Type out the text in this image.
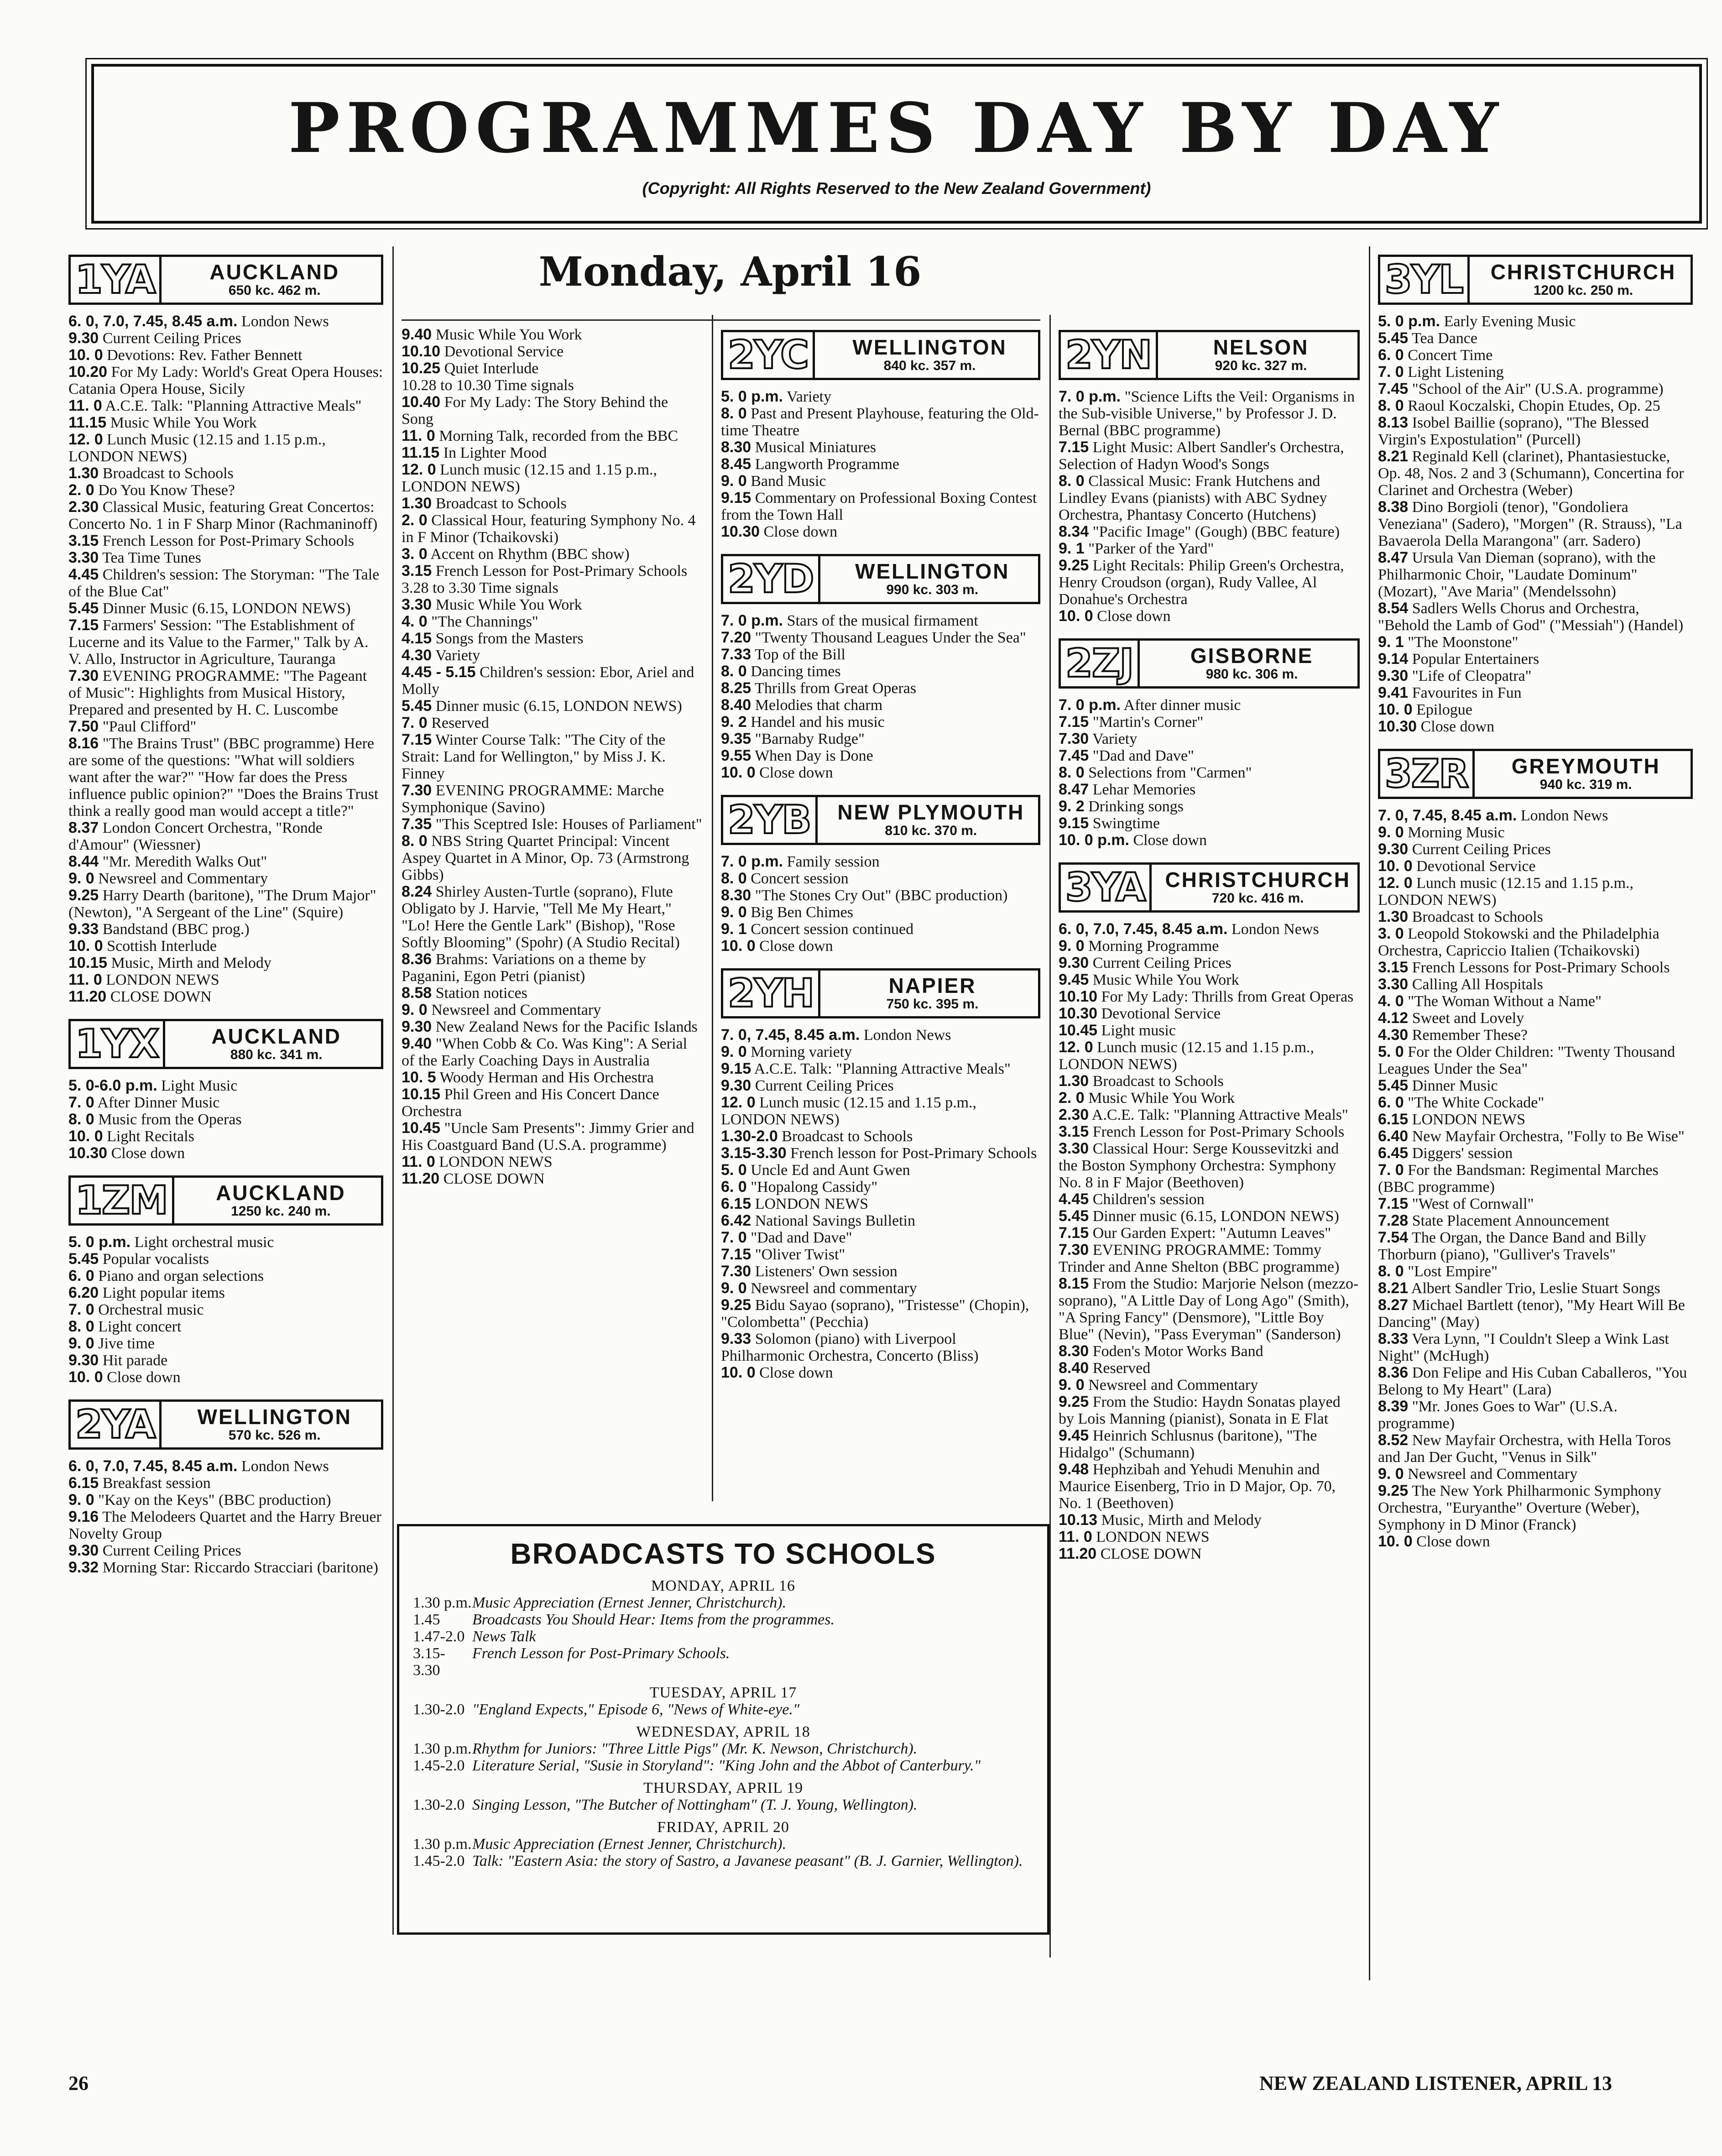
PROGRAMMES DAY BY DAY
(Copyright: All Rights Reserved to the New Zealand Government)
Monday, April 16
1YA	AUCKLAND
650 kc. 462 m.

6. 0, 7.0, 7.45, 8.45 a.m. London News

9.30 Current Ceiling Prices

10. 0 Devotions: Rev. Father Bennett

10.20 For My Lady: World's Great Opera Houses: Catania Opera House, Sicily

11. 0 A.C.E. Talk: "Planning Attractive Meals"

11.15 Music While You Work

12. 0 Lunch Music (12.15 and 1.15 p.m., LONDON NEWS)

1.30 Broadcast to Schools

2. 0 Do You Know These?

2.30 Classical Music, featuring Great Concertos: Concerto No. 1 in F Sharp Minor (Rachmaninoff)

3.15 French Lesson for Post-Primary Schools

3.30 Tea Time Tunes

4.45 Children's session: The Storyman: "The Tale of the Blue Cat"

5.45 Dinner Music (6.15, LONDON NEWS)

7.15 Farmers' Session: "The Establishment of Lucerne and its Value to the Farmer," Talk by A. V. Allo, Instructor in Agriculture, Tauranga

7.30 EVENING PROGRAMME: "The Pageant of Music": Highlights from Musical History, Prepared and presented by H. C. Luscombe

7.50 "Paul Clifford"

8.16 "The Brains Trust" (BBC programme) Here are some of the questions: "What will soldiers want after the war?" "How far does the Press influence public opinion?" "Does the Brains Trust think a really good man would accept a title?"

8.37 London Concert Orchestra, "Ronde d'Amour" (Wiessner)

8.44 "Mr. Meredith Walks Out"

9. 0 Newsreel and Commentary

9.25 Harry Dearth (baritone), "The Drum Major" (Newton), "A Sergeant of the Line" (Squire)

9.33 Bandstand (BBC prog.)

10. 0 Scottish Interlude

10.15 Music, Mirth and Melody

11. 0 LONDON NEWS

11.20 CLOSE DOWN

1YX	AUCKLAND
880 kc. 341 m.

5. 0-6.0 p.m. Light Music

7. 0 After Dinner Music

8. 0 Music from the Operas

10. 0 Light Recitals

10.30 Close down

1ZM	AUCKLAND
1250 kc. 240 m.

5. 0 p.m. Light orchestral music

5.45 Popular vocalists

6. 0 Piano and organ selections

6.20 Light popular items

7. 0 Orchestral music

8. 0 Light concert

9. 0 Jive time

9.30 Hit parade

10. 0 Close down

2YA	WELLINGTON
570 kc. 526 m.

6. 0, 7.0, 7.45, 8.45 a.m. London News

6.15 Breakfast session

9. 0 "Kay on the Keys" (BBC production)

9.16 The Melodeers Quartet and the Harry Breuer Novelty Group

9.30 Current Ceiling Prices

9.32 Morning Star: Riccardo Stracciari (baritone)

9.40 Music While You Work

10.10 Devotional Service

10.25 Quiet Interlude

10.28 to 10.30 Time signals

10.40 For My Lady: The Story Behind the Song

11. 0 Morning Talk, recorded from the BBC

11.15 In Lighter Mood

12. 0 Lunch music (12.15 and 1.15 p.m., LONDON NEWS)

1.30 Broadcast to Schools

2. 0 Classical Hour, featuring Symphony No. 4 in F Minor (Tchaikovski)

3. 0 Accent on Rhythm (BBC show)

3.15 French Lesson for Post-Primary Schools

3.28 to 3.30 Time signals

3.30 Music While You Work

4. 0 "The Channings"

4.15 Songs from the Masters

4.30 Variety

4.45 - 5.15 Children's session: Ebor, Ariel and Molly

5.45 Dinner music (6.15, LONDON NEWS)

7. 0 Reserved

7.15 Winter Course Talk: "The City of the Strait: Land for Wellington," by Miss J. K. Finney

7.30 EVENING PROGRAMME: Marche Symphonique (Savino)

7.35 "This Sceptred Isle: Houses of Parliament"

8. 0 NBS String Quartet Principal: Vincent Aspey Quartet in A Minor, Op. 73 (Armstrong Gibbs)

8.24 Shirley Austen-Turtle (soprano), Flute Obligato by J. Harvie, "Tell Me My Heart," "Lo! Here the Gentle Lark" (Bishop), "Rose Softly Blooming" (Spohr) (A Studio Recital)

8.36 Brahms: Variations on a theme by Paganini, Egon Petri (pianist)

8.58 Station notices

9. 0 Newsreel and Commentary

9.30 New Zealand News for the Pacific Islands

9.40 "When Cobb & Co. Was King": A Serial of the Early Coaching Days in Australia

10. 5 Woody Herman and His Orchestra

10.15 Phil Green and His Concert Dance Orchestra

10.45 "Uncle Sam Presents": Jimmy Grier and His Coastguard Band (U.S.A. programme)

11. 0 LONDON NEWS

11.20 CLOSE DOWN

2YC	WELLINGTON
840 kc. 357 m.

5. 0 p.m. Variety

8. 0 Past and Present Playhouse, featuring the Old-time Theatre

8.30 Musical Miniatures

8.45 Langworth Programme

9. 0 Band Music

9.15 Commentary on Professional Boxing Contest from the Town Hall

10.30 Close down

2YD	WELLINGTON
990 kc. 303 m.

7. 0 p.m. Stars of the musical firmament

7.20 "Twenty Thousand Leagues Under the Sea"

7.33 Top of the Bill

8. 0 Dancing times

8.25 Thrills from Great Operas

8.40 Melodies that charm

9. 2 Handel and his music

9.35 "Barnaby Rudge"

9.55 When Day is Done

10. 0 Close down

2YB	NEW PLYMOUTH
810 kc. 370 m.

7. 0 p.m. Family session

8. 0 Concert session

8.30 "The Stones Cry Out" (BBC production)

9. 0 Big Ben Chimes

9. 1 Concert session continued

10. 0 Close down

2YH	NAPIER
750 kc. 395 m.

7. 0, 7.45, 8.45 a.m. London News

9. 0 Morning variety

9.15 A.C.E. Talk: "Planning Attractive Meals"

9.30 Current Ceiling Prices

12. 0 Lunch music (12.15 and 1.15 p.m., LONDON NEWS)

1.30-2.0 Broadcast to Schools

3.15-3.30 French lesson for Post-Primary Schools

5. 0 Uncle Ed and Aunt Gwen

6. 0 "Hopalong Cassidy"

6.15 LONDON NEWS

6.42 National Savings Bulletin

7. 0 "Dad and Dave"

7.15 "Oliver Twist"

7.30 Listeners' Own session

9. 0 Newsreel and commentary

9.25 Bidu Sayao (soprano), "Tristesse" (Chopin), "Colombetta" (Pecchia)

9.33 Solomon (piano) with Liverpool Philharmonic Orchestra, Concerto (Bliss)

10. 0 Close down

2YN	NELSON
920 kc. 327 m.

7. 0 p.m. "Science Lifts the Veil: Organisms in the Sub-visible Universe," by Professor J. D. Bernal (BBC programme)

7.15 Light Music: Albert Sandler's Orchestra, Selection of Hadyn Wood's Songs

8. 0 Classical Music: Frank Hutchens and Lindley Evans (pianists) with ABC Sydney Orchestra, Phantasy Concerto (Hutchens)

8.34 "Pacific Image" (Gough) (BBC feature)

9. 1 "Parker of the Yard"

9.25 Light Recitals: Philip Green's Orchestra, Henry Croudson (organ), Rudy Vallee, Al Donahue's Orchestra

10. 0 Close down

2ZJ	GISBORNE
980 kc. 306 m.

7. 0 p.m. After dinner music

7.15 "Martin's Corner"

7.30 Variety

7.45 "Dad and Dave"

8. 0 Selections from "Carmen"

8.47 Lehar Memories

9. 2 Drinking songs

9.15 Swingtime

10. 0 p.m. Close down

3YA CHRISTCHURCH
720 kc. 416 m.

6. 0, 7.0, 7.45, 8.45 a.m. London News

9. 0 Morning Programme

9.30 Current Ceiling Prices

9.45 Music While You Work

10.10 For My Lady: Thrills from Great Operas

10.30 Devotional Service

10.45 Light music

12. 0 Lunch music (12.15 and 1.15 p.m., LONDON NEWS)

1.30 Broadcast to Schools

2. 0 Music While You Work

2.30 A.C.E. Talk: "Planning Attractive Meals"

3.15 French Lesson for Post-Primary Schools

3.30 Classical Hour: Serge Koussevitzki and the Boston Symphony Orchestra: Symphony No. 8 in F Major (Beethoven)

4.45 Children's session

5.45 Dinner music (6.15, LONDON NEWS)

7.15 Our Garden Expert: "Autumn Leaves"

7.30 EVENING PROGRAMME: Tommy Trinder and Anne Shelton (BBC programme)

8.15 From the Studio: Marjorie Nelson (mezzo-soprano), "A Little Day of Long Ago" (Smith), "A Spring Fancy" (Densmore), "Little Boy Blue" (Nevin), "Pass Everyman" (Sanderson)

8.30 Foden's Motor Works Band

8.40 Reserved

9. 0 Newsreel and Commentary

9.25 From the Studio: Haydn Sonatas played by Lois Manning (pianist), Sonata in E Flat

9.45 Heinrich Schlusnus (baritone), "The Hidalgo" (Schumann)

9.48 Hephzibah and Yehudi Menuhin and Maurice Eisenberg, Trio in D Major, Op. 70, No. 1 (Beethoven)

10.13 Music, Mirth and Melody

11. 0 LONDON NEWS

11.20 CLOSE DOWN

3YL	CHRISTCHURCH
1200 kc. 250 m.

5. 0 p.m. Early Evening Music

5.45 Tea Dance

6. 0 Concert Time

7. 0 Light Listening

7.45 "School of the Air" (U.S.A. programme)

8. 0 Raoul Koczalski, Chopin Etudes, Op. 25

8.13 Isobel Baillie (soprano), "The Blessed Virgin's Expostulation" (Purcell)

8.21 Reginald Kell (clarinet), Phantasiestucke, Op. 48, Nos. 2 and 3 (Schumann), Concertina for Clarinet and Orchestra (Weber)

8.38 Dino Borgioli (tenor), "Gondoliera Veneziana" (Sadero), "Morgen" (R. Strauss), "La Bavaerola Della Marangona" (arr. Sadero)

8.47 Ursula Van Dieman (soprano), with the Philharmonic Choir, "Laudate Dominum" (Mozart), "Ave Maria" (Mendelssohn)

8.54 Sadlers Wells Chorus and Orchestra, "Behold the Lamb of God" ("Messiah") (Handel)

9. 1 "The Moonstone"

9.14 Popular Entertainers

9.30 "Life of Cleopatra"

9.41 Favourites in Fun

10. 0 Epilogue

10.30 Close down

3ZR	GREYMOUTH
940 kc. 319 m.

7. 0, 7.45, 8.45 a.m. London News

9. 0 Morning Music

9.30 Current Ceiling Prices

10. 0 Devotional Service

12. 0 Lunch music (12.15 and 1.15 p.m., LONDON NEWS)

1.30 Broadcast to Schools

3. 0 Leopold Stokowski and the Philadelphia Orchestra, Capriccio Italien (Tchaikovski)

3.15 French Lessons for Post-Primary Schools

3.30 Calling All Hospitals

4. 0 "The Woman Without a Name"

4.12 Sweet and Lovely

4.30 Remember These?

5. 0 For the Older Children: "Twenty Thousand Leagues Under the Sea"

5.45 Dinner Music

6. 0 "The White Cockade"

6.15 LONDON NEWS

6.40 New Mayfair Orchestra, "Folly to Be Wise"

6.45 Diggers' session

7. 0 For the Bandsman: Regimental Marches (BBC programme)

7.15 "West of Cornwall"

7.28 State Placement Announcement

7.54 The Organ, the Dance Band and Billy Thorburn (piano), "Gulliver's Travels"

8. 0 "Lost Empire"

8.21 Albert Sandler Trio, Leslie Stuart Songs

8.27 Michael Bartlett (tenor), "My Heart Will Be Dancing" (May)

8.33 Vera Lynn, "I Couldn't Sleep a Wink Last Night" (McHugh)

8.36 Don Felipe and His Cuban Caballeros, "You Belong to My Heart" (Lara)

8.39 "Mr. Jones Goes to War" (U.S.A. programme)

8.52 New Mayfair Orchestra, with Hella Toros and Jan Der Gucht, "Venus in Silk"

9. 0 Newsreel and Commentary

9.25 The New York Philharmonic Symphony Orchestra, "Euryanthe" Overture (Weber), Symphony in D Minor (Franck)

10. 0 Close down

BROADCASTS TO SCHOOLS
MONDAY, APRIL 16
1.30 p.m. Music Appreciation (Ernest Jenner, Christchurch).
1.45	Broadcasts You Should Hear: Items from the programmes.
1.47-2.0 News Talk
3.15-3.30
French Lesson for Post-Primary Schools.
TUESDAY, APRIL 17
1.30-2.0 "England Expects," Episode 6, "News of White-eye."
WEDNESDAY, APRIL 18
1.30 p.m. Rhythm for Juniors: "Three Little Pigs" (Mr. K. Newson, Christchurch).
1.45-2.0 Literature Serial, "Susie in Storyland": "King John and the Abbot of Canterbury."
THURSDAY, APRIL 19
1.30-2.0 Singing Lesson, "The Butcher of Nottingham" (T. J. Young, Wellington).
FRIDAY, APRIL 20
1.30 p.m. Music Appreciation (Ernest Jenner, Christchurch).
1.45-2.0 Talk: "Eastern Asia: the story of Sastro, a Javanese peasant" (B. J. Garnier, Wellington).
26	NEW ZEALAND LISTENER, APRIL 13
